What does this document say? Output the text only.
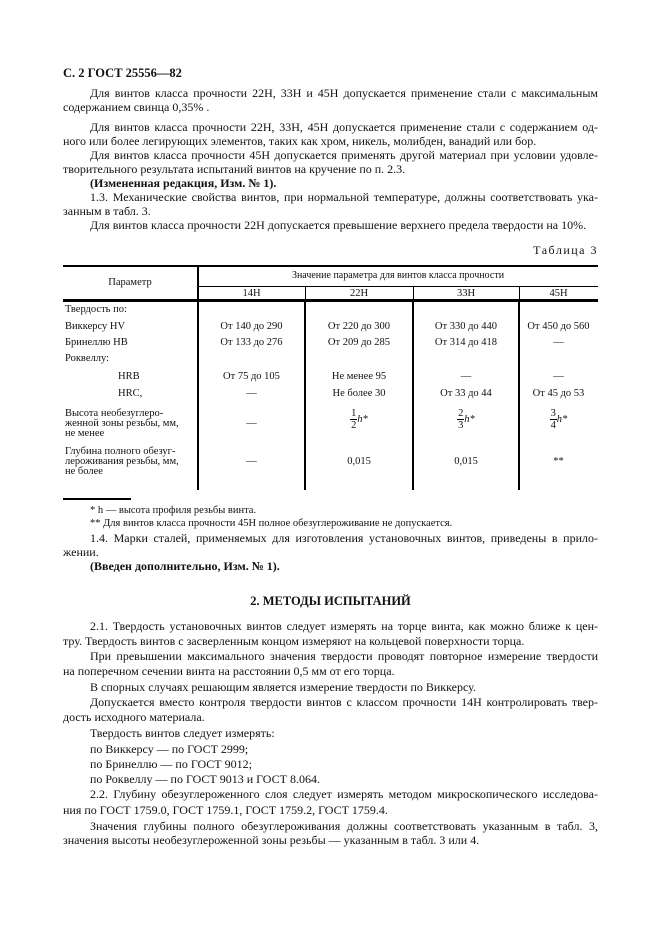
С. 2 ГОСТ 25556—82
Для винтов класса прочности 22Н, 33Н и 45Н допускается применение стали с максимальным
содержанием свинца 0,35% .
Для винтов класса прочности 22Н, 33Н, 45Н допускается применение стали с содержанием од-
ного или более легирующих элементов, таких как хром, никель, молибден, ванадий или бор.
Для винтов класса прочности 45Н допускается применять другой материал при условии удовле-
творительного результата испытаний винтов на кручение по п. 2.3.
(Измененная редакция, Изм. № 1).
1.3. Механические свойства винтов, при нормальной температуре, должны соответствовать ука-
занным в табл. 3.
Для винтов класса прочности 22Н допускается превышение верхнего предела твердости на 10%.
Таблица 3
Параметр
Значение параметра для винтов класса прочности
14Н	22Н	33Н	45Н
Твердость по:
Виккерсу HV	От 140 до 290	От 220 до 300	От 330 до 440	От 450 до 560
Бринеллю НВ	От 133 до 276	От 209 до 285	От 314 до 418	—
Роквеллу:
HRB	От 75 до 105	Не менее 95	—	—
HRC,	—	Не более 30	От 33 до 44	От 45 до 53
Высота необезуглеро-
женной зоны резьбы, мм,
не менее
—	$\frac{1}{2} h*$	$\frac{2}{3} h*$	$\frac{3}{4} h*$
Глубина полного обезуг-
лероживания резьбы, мм,
не более
—	0,015	0,015	**
* h — высота профиля резьбы винта.
** Для винтов класса прочности 45Н полное обезуглероживание не допускается.
1.4. Марки сталей, применяемых для изготовления установочных винтов, приведены в прило-
жении.
(Введен дополнительно, Изм. № 1).
2. МЕТОДЫ ИСПЫТАНИЙ
2.1. Твердость установочных винтов следует измерять на торце винта, как можно ближе к цен-
тру. Твердость винтов с засверленным концом измеряют на кольцевой поверхности торца.
При превышении максимального значения твердости проводят повторное измерение твердости
на поперечном сечении винта на расстоянии 0,5 мм от его торца.
В спорных случаях решающим является измерение твердости по Виккерсу.
Допускается вместо контроля твердости винтов с классом прочности 14Н контролировать твер-
дость исходного материала.
Твердость винтов следует измерять:
по Виккерсу — по ГОСТ 2999;
по Бринеллю — по ГОСТ 9012;
по Роквеллу — по ГОСТ 9013 и ГОСТ 8.064.
2.2. Глубину обезуглероженного слоя следует измерять методом микроскопического исследова-
ния по ГОСТ 1759.0, ГОСТ 1759.1, ГОСТ 1759.2, ГОСТ 1759.4.
Значения глубины полного обезуглероживания должны соответствовать указанным в табл. 3,
значения высоты необезуглероженной зоны резьбы — указанным в табл. 3 или 4.
